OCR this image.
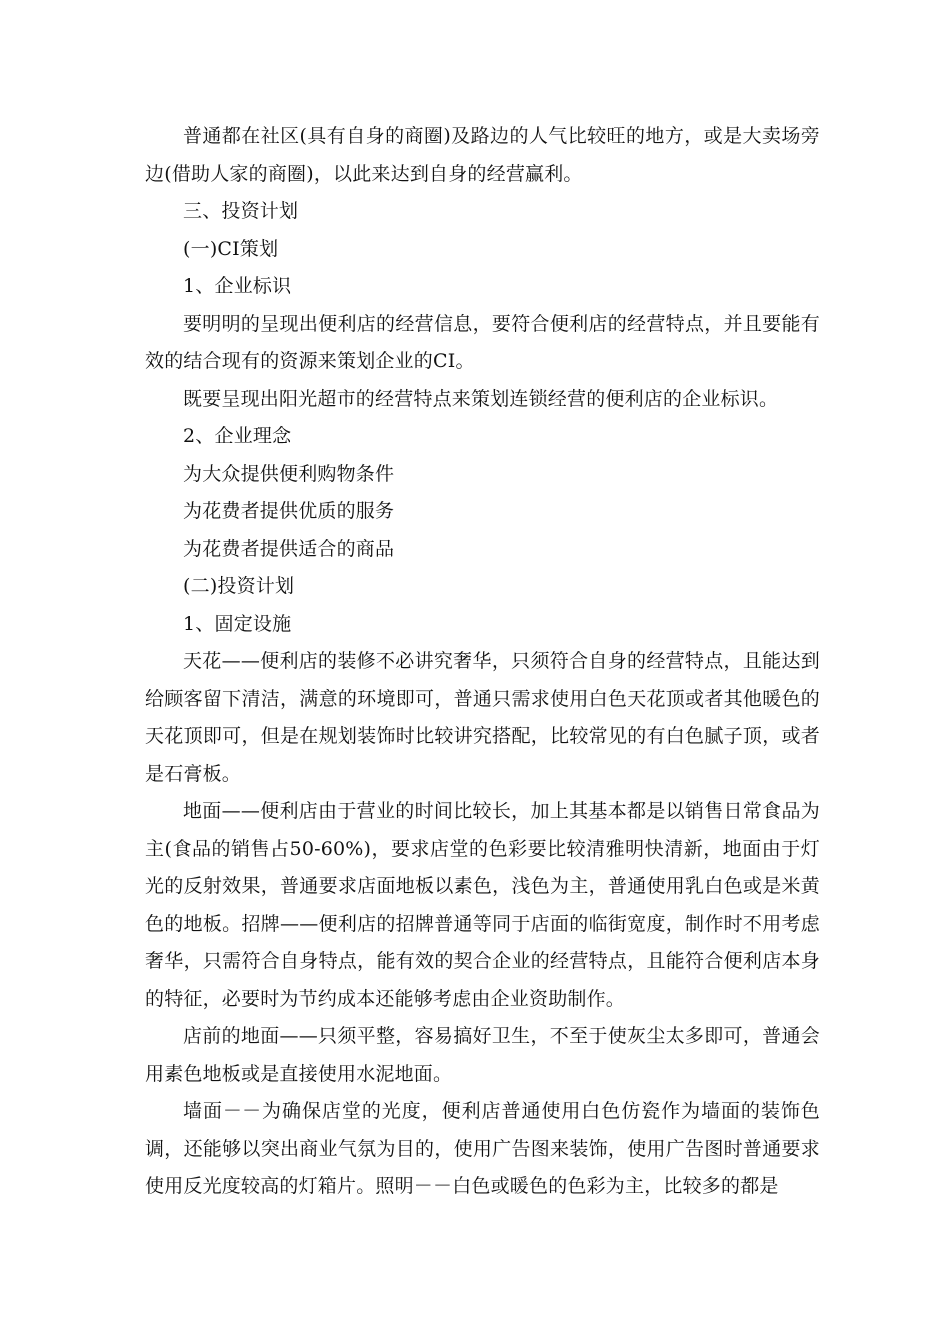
普通都在社区(具有自身的商圈)及路边的人气比较旺的地方，或是大卖场旁边(借助人家的商圈)，以此来达到自身的经营赢利。

三、投资计划

(一)CI策划

1、企业标识

要明明的呈现出便利店的经营信息，要符合便利店的经营特点，并且要能有效的结合现有的资源来策划企业的CI。

既要呈现出阳光超市的经营特点来策划连锁经营的便利店的企业标识。

2、企业理念

为大众提供便利购物条件

为花费者提供优质的服务

为花费者提供适合的商品

(二)投资计划

1、固定设施

天花——便利店的装修不必讲究奢华，只须符合自身的经营特点，且能达到给顾客留下清洁，满意的环境即可，普通只需求使用白色天花顶或者其他暖色的天花顶即可，但是在规划装饰时比较讲究搭配，比较常见的有白色腻子顶，或者是石膏板。

地面——便利店由于营业的时间比较长，加上其基本都是以销售日常食品为主(食品的销售占50-60%)，要求店堂的色彩要比较清雅明快清新，地面由于灯光的反射效果，普通要求店面地板以素色，浅色为主，普通使用乳白色或是米黄色的地板。招牌——便利店的招牌普通等同于店面的临街宽度，制作时不用考虑奢华，只需符合自身特点，能有效的契合企业的经营特点，且能符合便利店本身的特征，必要时为节约成本还能够考虑由企业资助制作。

店前的地面——只须平整，容易搞好卫生，不至于使灰尘太多即可，普通会用素色地板或是直接使用水泥地面。

墙面－－为确保店堂的光度，便利店普通使用白色仿瓷作为墙面的装饰色调，还能够以突出商业气氛为目的，使用广告图来装饰，使用广告图时普通要求使用反光度较高的灯箱片。照明－－白色或暖色的色彩为主，比较多的都是
